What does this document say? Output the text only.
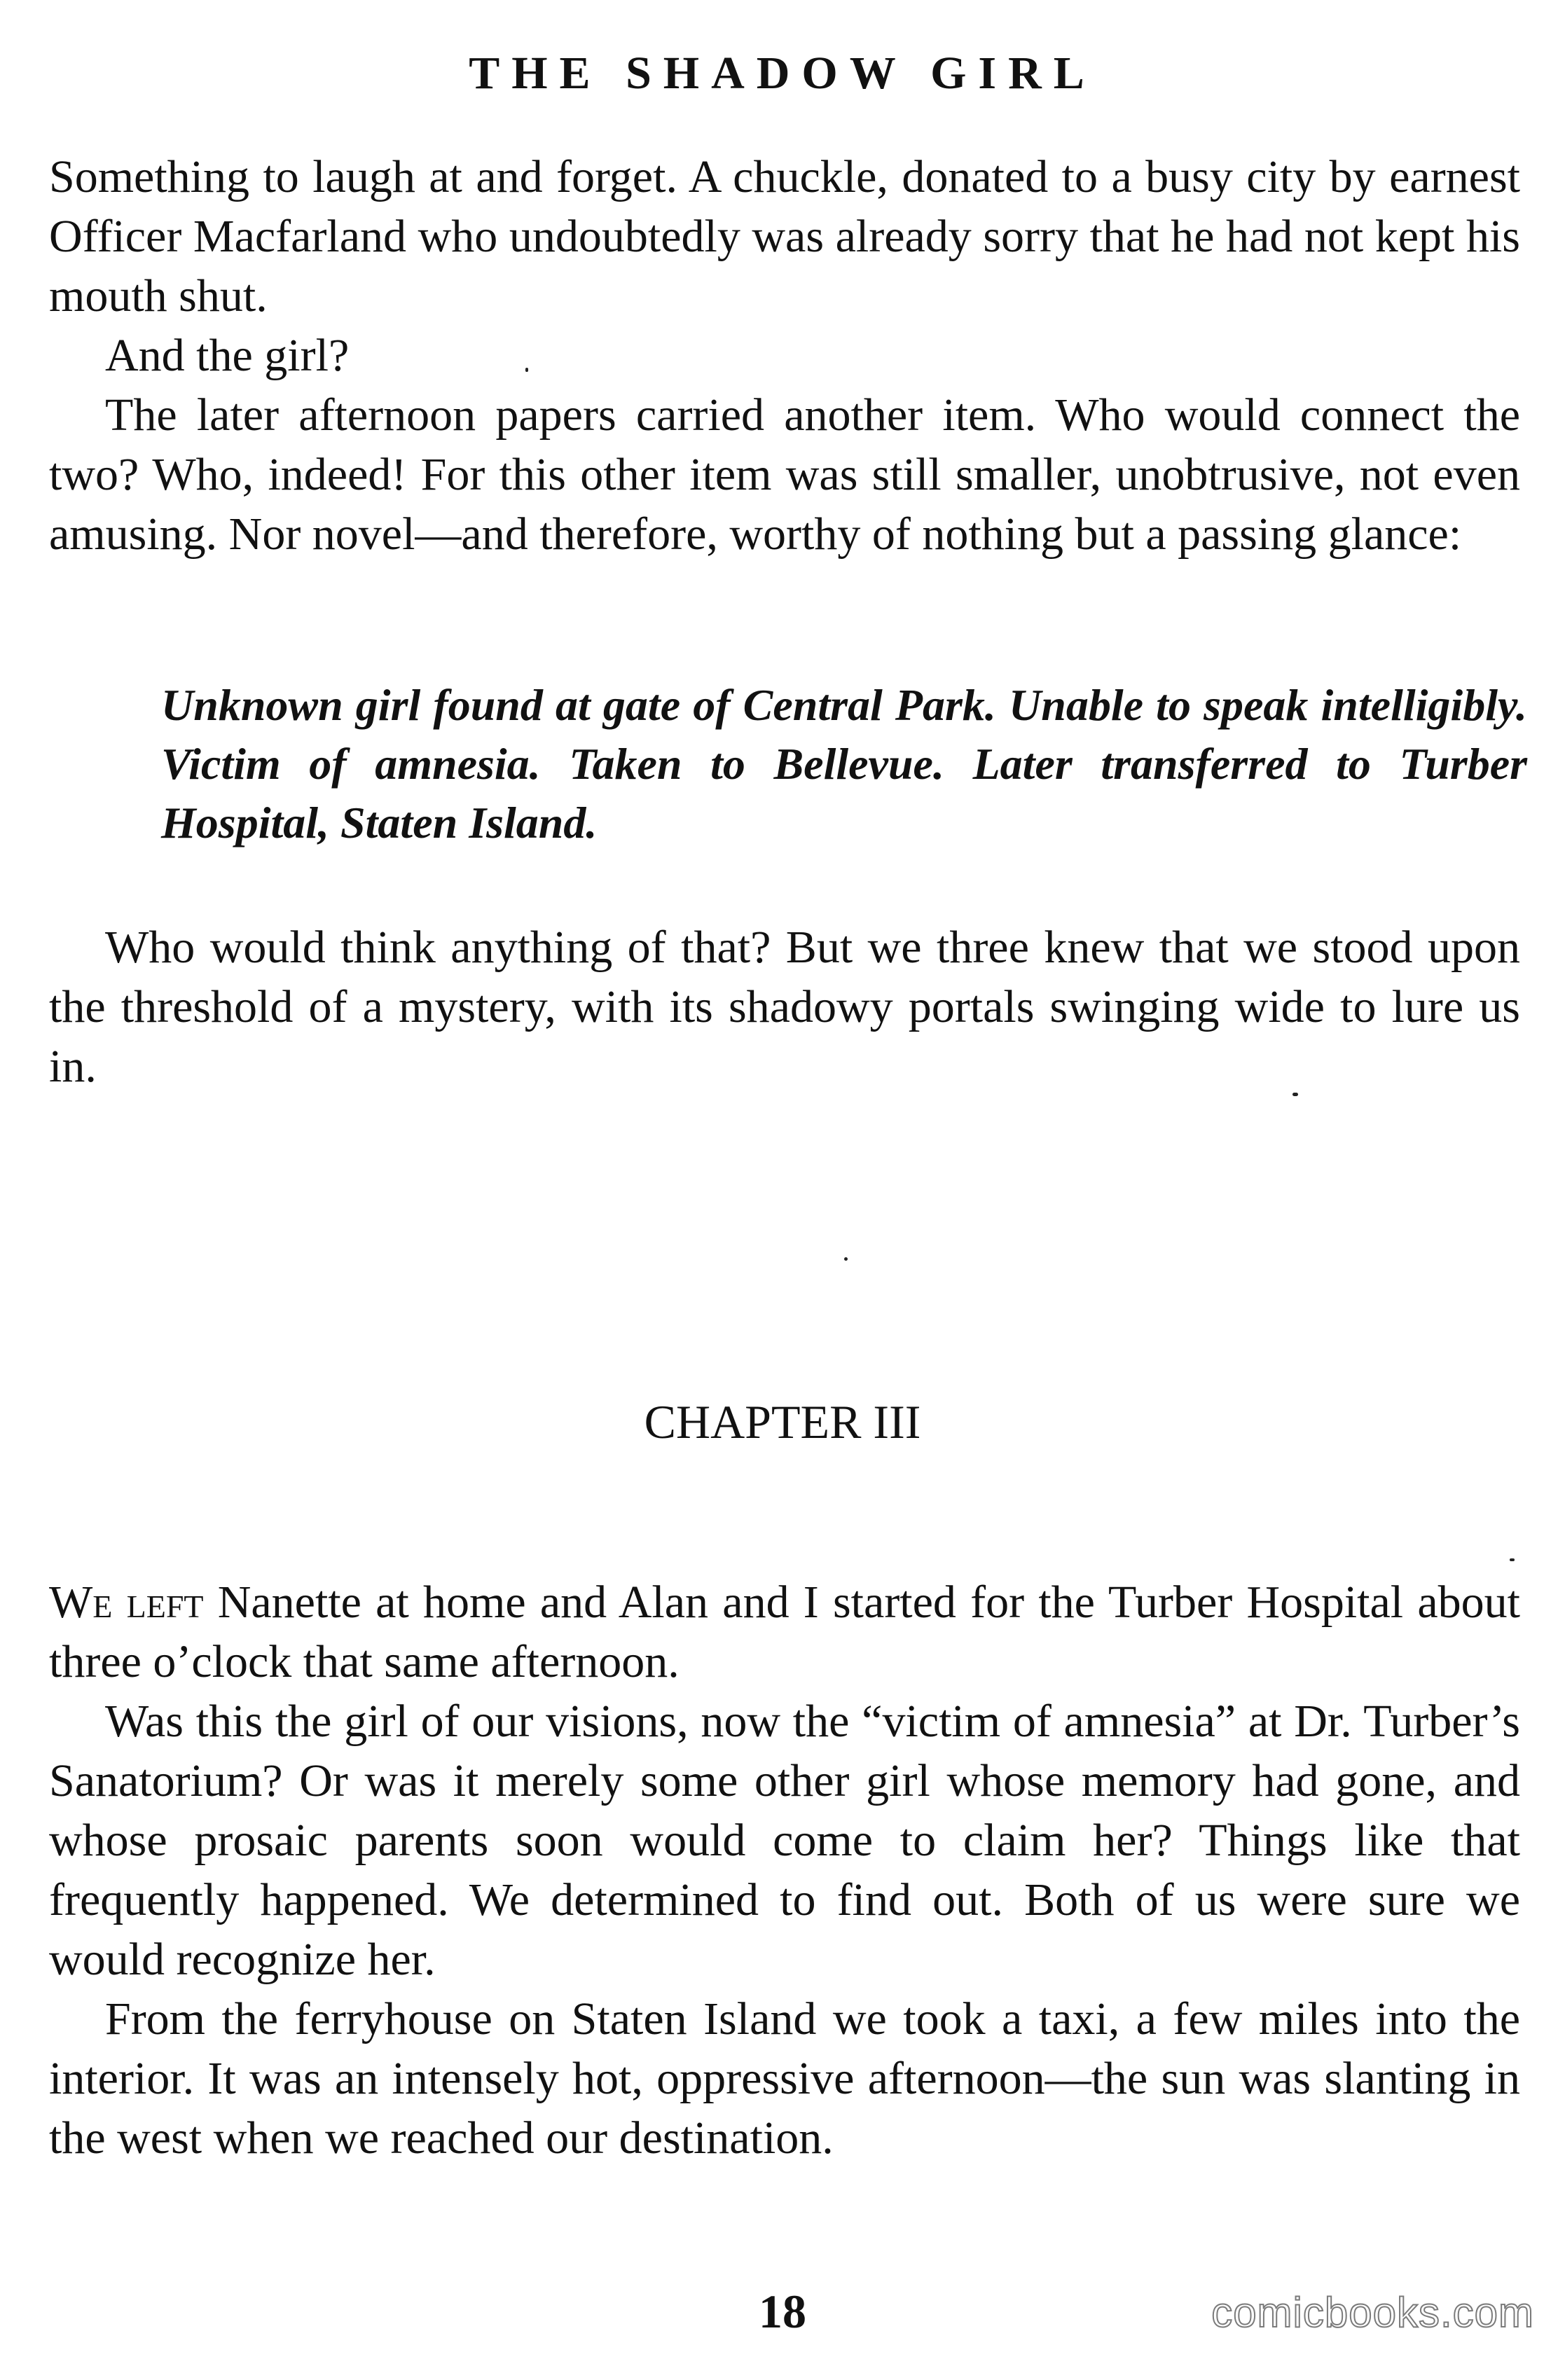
THE SHADOW GIRL

Something to laugh at and forget. A chuckle, donated to a busy city by earnest Officer Macfarland who undoubtedly was already sorry that he had not kept his mouth shut.

And the girl?

The later afternoon papers carried another item. Who would connect the two? Who, indeed! For this other item was still smaller, unobtrusive, not even amusing. Nor novel—and therefore, worthy of nothing but a passing glance:

Unknown girl found at gate of Central Park. Unable to speak intelligibly. Victim of amnesia. Taken to Bellevue. Later transferred to Turber Hospital, Staten Island.

Who would think anything of that? But we three knew that we stood upon the threshold of a mystery, with its shadowy portals swinging wide to lure us in.

CHAPTER III

We left Nanette at home and Alan and I started for the Turber Hospital about three o’clock that same afternoon.

Was this the girl of our visions, now the “victim of amnesia” at Dr. Turber’s Sanatorium? Or was it merely some other girl whose memory had gone, and whose prosaic parents soon would come to claim her? Things like that frequently happened. We determined to find out. Both of us were sure we would recognize her.

From the ferryhouse on Staten Island we took a taxi, a few miles into the interior. It was an intensely hot, oppressive afternoon—the sun was slanting in the west when we reached our destination.

18	comicbooks.com
